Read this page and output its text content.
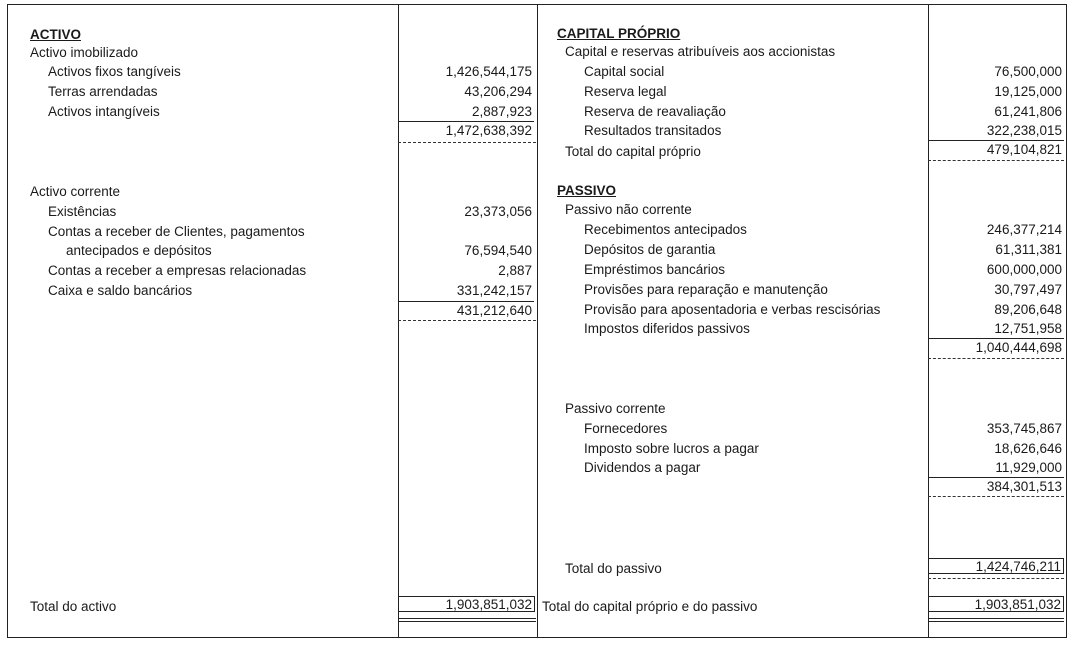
ACTIVO
Activo imobilizado
Activos fixos tangíveis	1,426,544,175
Terras arrendadas	43,206,294
Activos intangíveis	2,887,923
1,472,638,392
Activo corrente
Existências	23,373,056
Contas a receber de Clientes, pagamentos
antecipados e depósitos	76,594,540
Contas a receber a empresas relacionadas	2,887
Caixa e saldo bancários	331,242,157
431,212,640
Total do activo	1,903,851,032
CAPITAL PRÓPRIO
Capital e reservas atribuíveis aos accionistas
Capital social	76,500,000
Reserva legal	19,125,000
Reserva de reavaliação	61,241,806
Resultados transitados	322,238,015
Total do capital próprio	479,104,821
PASSIVO
Passivo não corrente
Recebimentos antecipados	246,377,214
Depósitos de garantia	61,311,381
Empréstimos bancários	600,000,000
Provisões para reparação e manutenção	30,797,497
Provisão para aposentadoria e verbas rescisórias	89,206,648
Impostos diferidos passivos	12,751,958
1,040,444,698
Passivo corrente
Fornecedores	353,745,867
Imposto sobre lucros a pagar	18,626,646
Dividendos a pagar	11,929,000
384,301,513
Total do passivo	1,424,746,211
Total do capital próprio e do passivo	1,903,851,032
